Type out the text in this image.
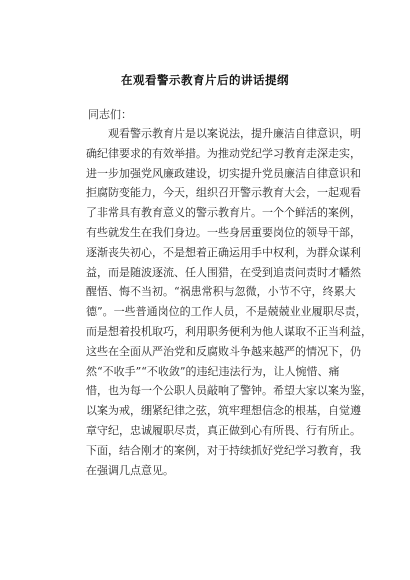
在观看警示教育片后的讲话提纲
同志们：
观看警示教育片是以案说法，提升廉洁自律意识，明
确纪律要求的有效举措。为推动党纪学习教育走深走实，
进一步加强党风廉政建设，切实提升党员廉洁自律意识和
拒腐防变能力，今天，组织召开警示教育大会，一起观看
了非常具有教育意义的警示教育片。一个个鲜活的案例，
有些就发生在我们身边。一些身居重要岗位的领导干部，
逐渐丧失初心，不是想着正确运用手中权利，为群众谋利
益，而是随波逐流、任人围猎，在受到追责问责时才幡然
醒悟、悔不当初。“祸患常积与忽微，小节不守，终累大
德”。一些普通岗位的工作人员，不是兢兢业业履职尽责，
而是想着投机取巧，利用职务便利为他人谋取不正当利益，
这些在全面从严治党和反腐败斗争越来越严的情况下，仍
然“不收手”“不收敛”的违纪违法行为，让人惋惜、痛
惜，也为每一个公职人员敲响了警钟。希望大家以案为鉴，
以案为戒，绷紧纪律之弦，筑牢理想信念的根基，自觉遵
章守纪，忠诚履职尽责，真正做到心有所畏、行有所止。
下面，结合刚才的案例，对于持续抓好党纪学习教育，我
在强调几点意见。
